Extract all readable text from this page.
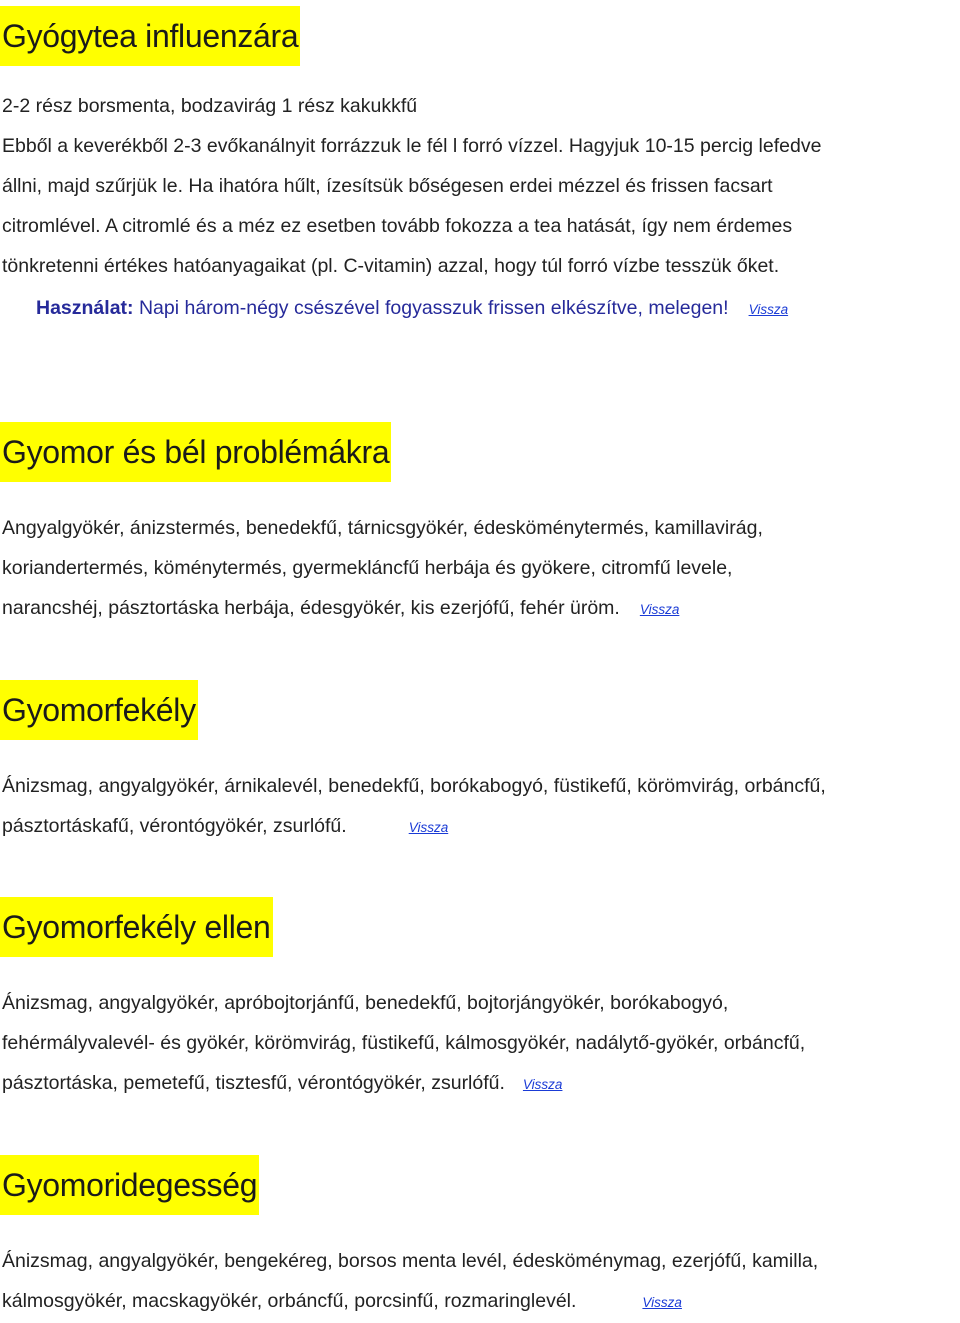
Gyógytea influenzára
2-2 rész borsmenta, bodzavirág 1 rész kakukkfű
Ebből a keverékből 2-3 evőkanálnyit forrázzuk le fél l forró vízzel. Hagyjuk 10-15 percig lefedve
állni, majd szűrjük le. Ha ihatóra hűlt, ízesítsük bőségesen erdei mézzel és frissen facsart
citromlével. A citromlé és a méz ez esetben tovább fokozza a tea hatását, így nem érdemes
tönkretenni értékes hatóanyagaikat (pl. C-vitamin) azzal, hogy túl forró vízbe tesszük őket.
Használat: Napi három-négy csészével fogyasszuk frissen elkészítve, melegen! Vissza
Gyomor és bél problémákra
Angyalgyökér, ánizstermés, benedekfű, tárnicsgyökér, édesköménytermés, kamillavirág,
koriandertermés, köménytermés, gyermekláncfű herbája és gyökere, citromfű levele,
narancshéj, pásztortáska herbája, édesgyökér, kis ezerjófű, fehér üröm. Vissza
Gyomorfekély
Ánizsmag, angyalgyökér, árnikalevél, benedekfű, borókabogyó, füstikefű, körömvirág, orbáncfű,
pásztortáskafű, vérontógyökér, zsurlófű.	Vissza
Gyomorfekély ellen
Ánizsmag, angyalgyökér, apróbojtorjánfű, benedekfű, bojtorjángyökér, borókabogyó,
fehérmályvalevél- és gyökér, körömvirág, füstikefű, kálmosgyökér, nadálytő-gyökér, orbáncfű,
pásztortáska, pemetefű, tisztesfű, vérontógyökér, zsurlófű. Vissza
Gyomoridegesség
Ánizsmag, angyalgyökér, bengekéreg, borsos menta levél, édesköménymag, ezerjófű, kamilla,
kálmosgyökér, macskagyökér, orbáncfű, porcsinfű, rozmaringlevél.	Vissza
